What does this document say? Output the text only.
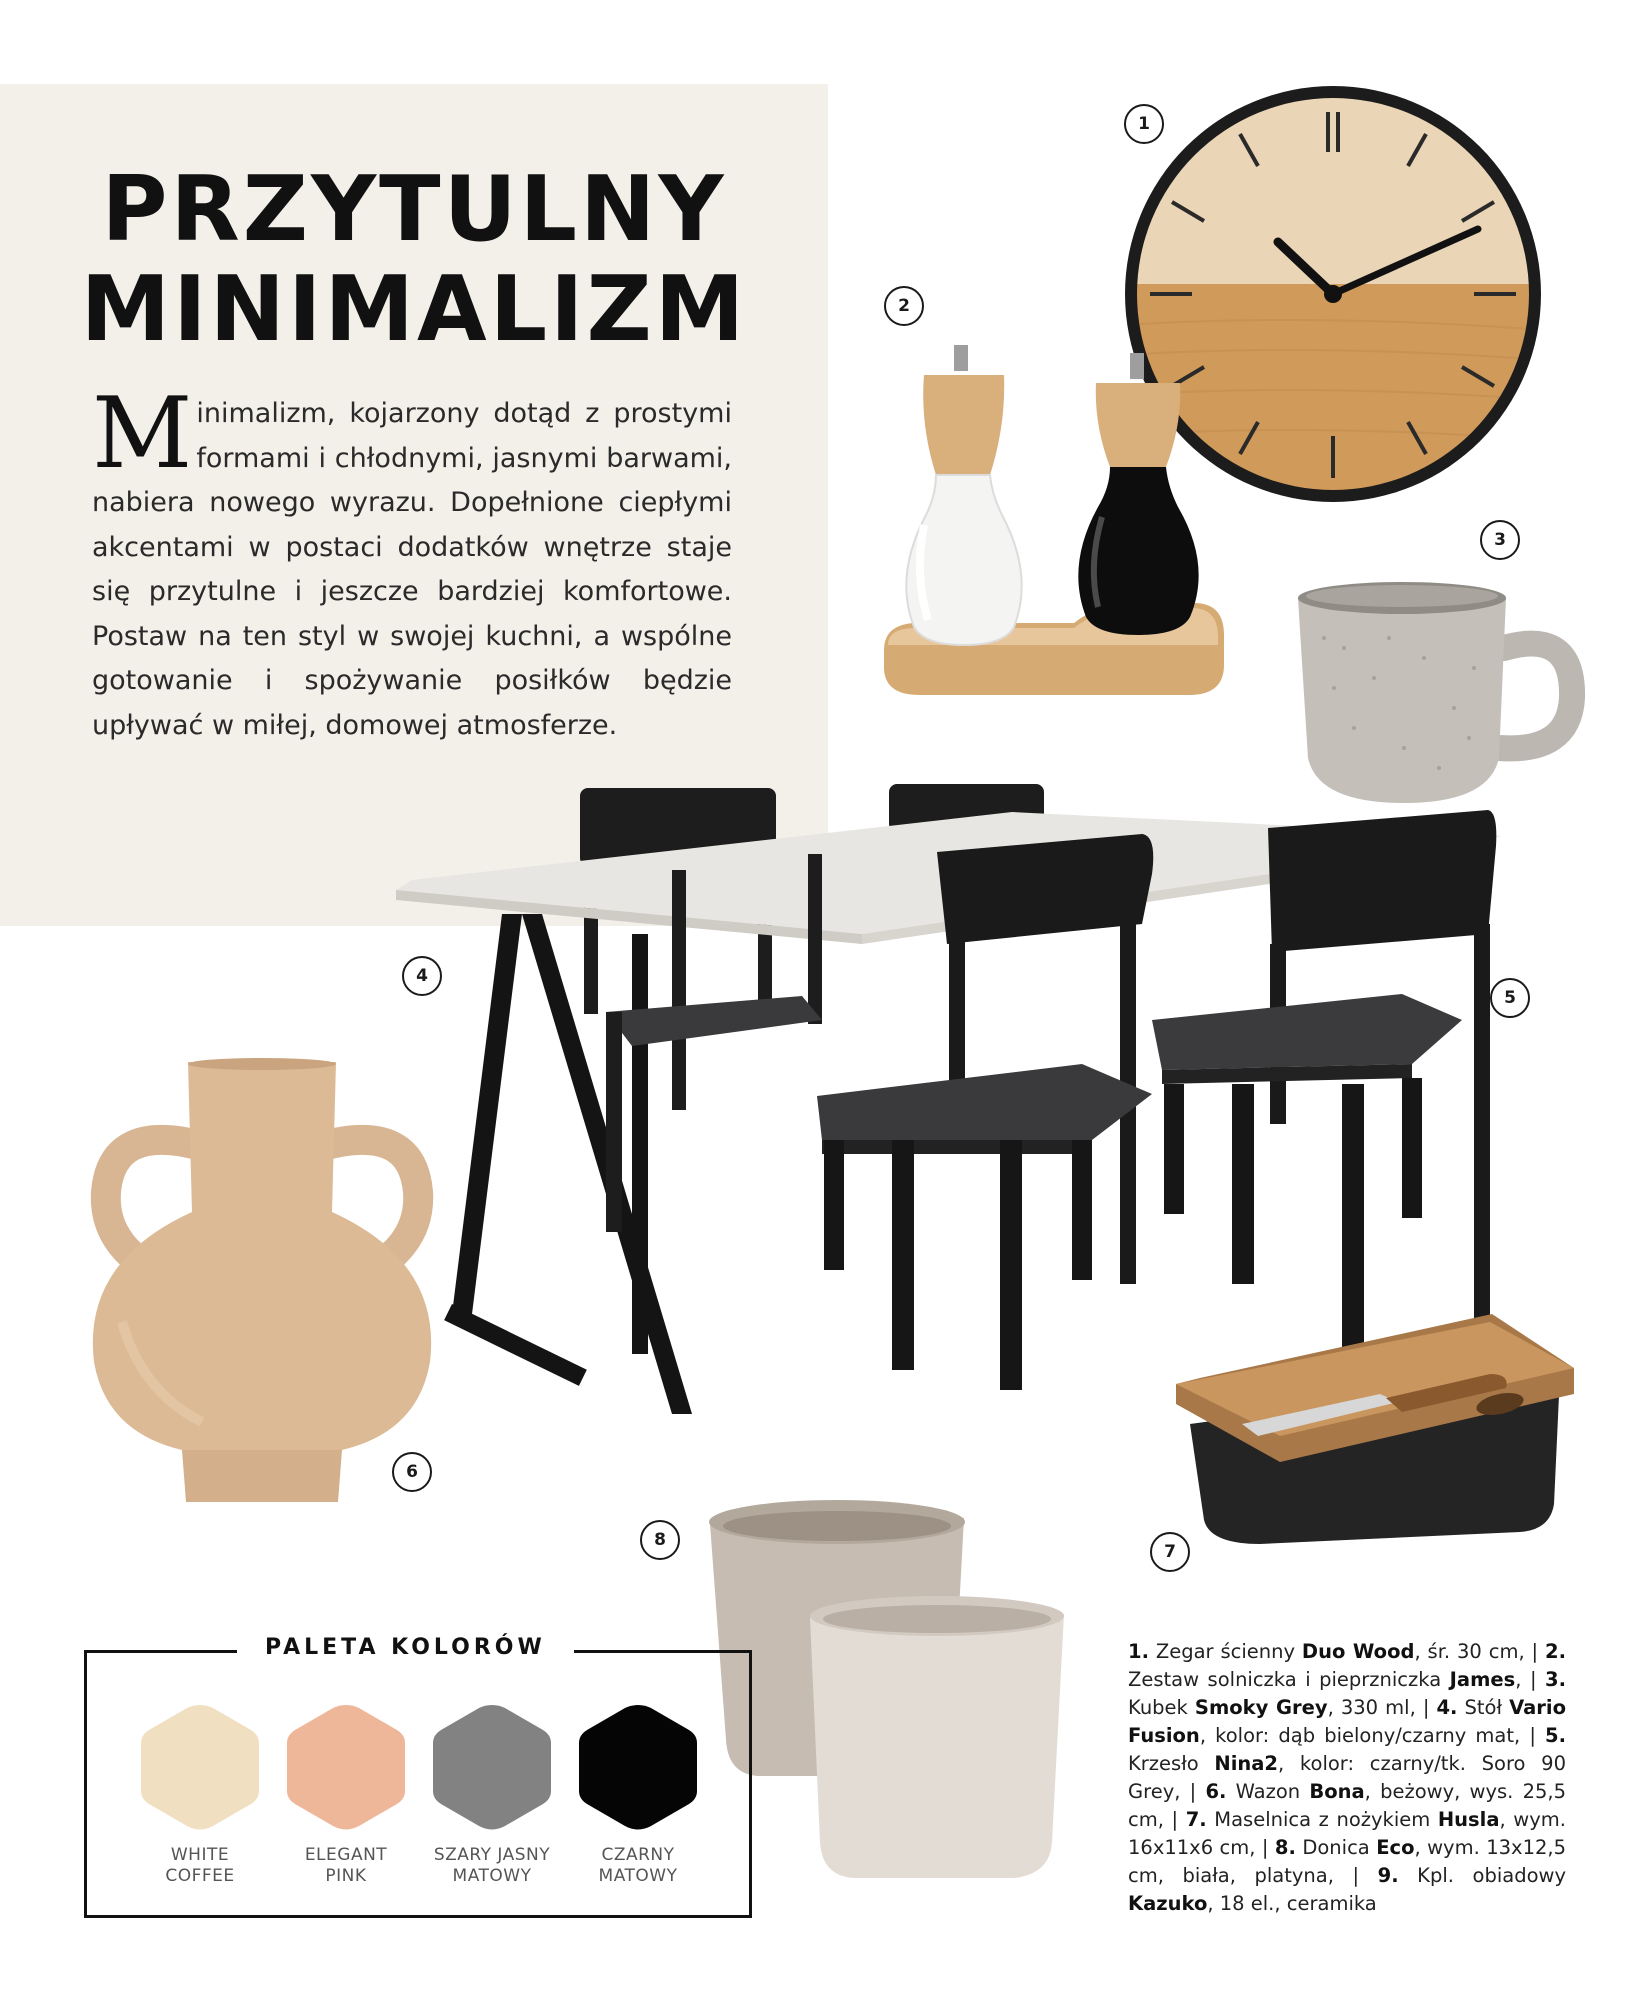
PRZYTULNY
MINIMALIZM
Minimalizm, kojarzony dotąd z prostymi formami i chłodnymi, jasnymi barwami, nabiera nowego wyrazu. Dopełnione ciepłymi akcentami w postaci dodatków wnętrze staje się przytulne i jeszcze bardziej komfortowe. Postaw na ten styl w swojej kuchni, a wspólne gotowanie i spożywanie posiłków będzie upływać w miłej, domowej atmosferze.
1
2
3
4
5
6
7
8
PALETA KOLORÓW
WHITE
COFFEE
ELEGANT
PINK
SZARY JASNY
MATOWY
CZARNY
MATOWY
1. Zegar ścienny Duo Wood, śr. 30 cm, | 2. Zestaw solniczka i pieprzniczka James, | 3. Kubek Smoky Grey, 330 ml, | 4. Stół Vario Fusion, kolor: dąb bielony/czarny mat, | 5. Krzesło Nina2, kolor: czarny/tk. Soro 90 Grey, | 6. Wazon Bona, beżowy, wys. 25,5 cm, | 7. Maselnica z nożykiem Husla, wym. 16x11x6 cm, | 8. Donica Eco, wym. 13x12,5 cm, biała, platyna, | 9. Kpl. obiadowy Kazuko, 18 el., ceramika
